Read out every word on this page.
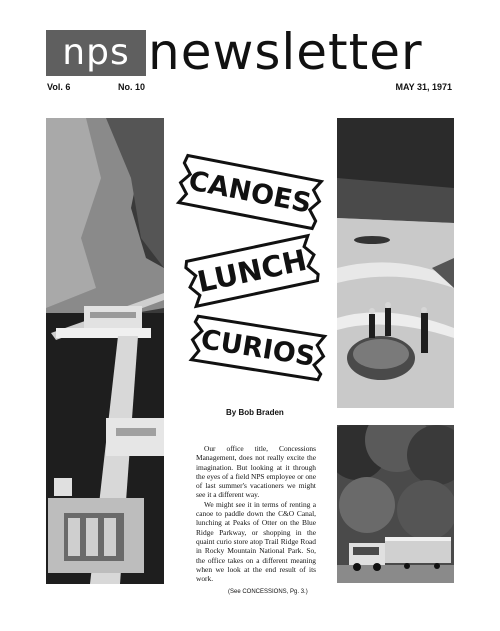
nps newsletter
Vol. 6	No. 10	MAY 31, 1971
CANOES
LUNCH
CURIOS
By Bob Braden

Our office title, Concessions Management, does not really excite the imagination. But looking at it through the eyes of a field NPS employee or one of last summer's vacationers we might see it a different way.

We might see it in terms of renting a canoe to paddle down the C&O Canal, lunching at Peaks of Otter on the Blue Ridge Parkway, or shopping in the quaint curio store atop Trail Ridge Road in Rocky Mountain National Park. So, the office takes on a different meaning when we look at the end result of its work.

(See CONCESSIONS, Pg. 3.)
